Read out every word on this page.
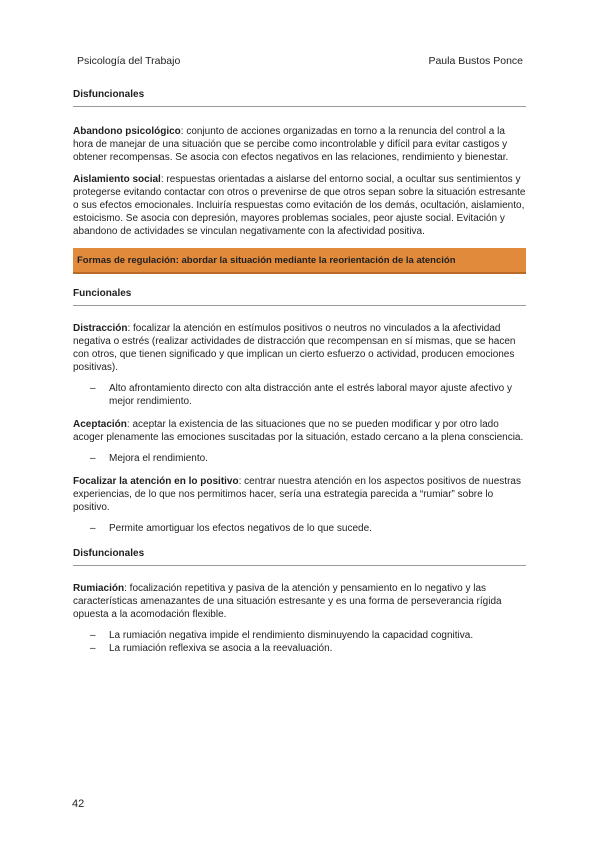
Psicología del Trabajo	Paula Bustos Ponce

Disfuncionales

Abandono psicológico: conjunto de acciones organizadas en torno a la renuncia del control a la hora de manejar de una situación que se percibe como incontrolable y difícil para evitar castigos y obtener recompensas. Se asocia con efectos negativos en las relaciones, rendimiento y bienestar.

Aislamiento social: respuestas orientadas a aislarse del entorno social, a ocultar sus sentimientos y protegerse evitando contactar con otros o prevenirse de que otros sepan sobre la situación estresante o sus efectos emocionales. Incluiría respuestas como evitación de los demás, ocultación, aislamiento, estoicismo. Se asocia con depresión, mayores problemas sociales, peor ajuste social. Evitación y abandono de actividades se vinculan negativamente con la afectividad positiva.

Formas de regulación: abordar la situación mediante la reorientación de la atención

Funcionales

Distracción: focalizar la atención en estímulos positivos o neutros no vinculados a la afectividad negativa o estrés (realizar actividades de distracción que recompensan en sí mismas, que se hacen con otros, que tienen significado y que implican un cierto esfuerzo o actividad, producen emociones positivas).

– Alto afrontamiento directo con alta distracción ante el estrés laboral mayor ajuste afectivo y mejor rendimiento.

Aceptación: aceptar la existencia de las situaciones que no se pueden modificar y por otro lado acoger plenamente las emociones suscitadas por la situación, estado cercano a la plena consciencia.

– Mejora el rendimiento.

Focalizar la atención en lo positivo: centrar nuestra atención en los aspectos positivos de nuestras experiencias, de lo que nos permitimos hacer, sería una estrategia parecida a “rumiar” sobre lo positivo.

– Permite amortiguar los efectos negativos de lo que sucede.

Disfuncionales

Rumiación: focalización repetitiva y pasiva de la atención y pensamiento en lo negativo y las características amenazantes de una situación estresante y es una forma de perseverancia rígida opuesta a la acomodación flexible.

– La rumiación negativa impide el rendimiento disminuyendo la capacidad cognitiva.
– La rumiación reflexiva se asocia a la reevaluación.
42
